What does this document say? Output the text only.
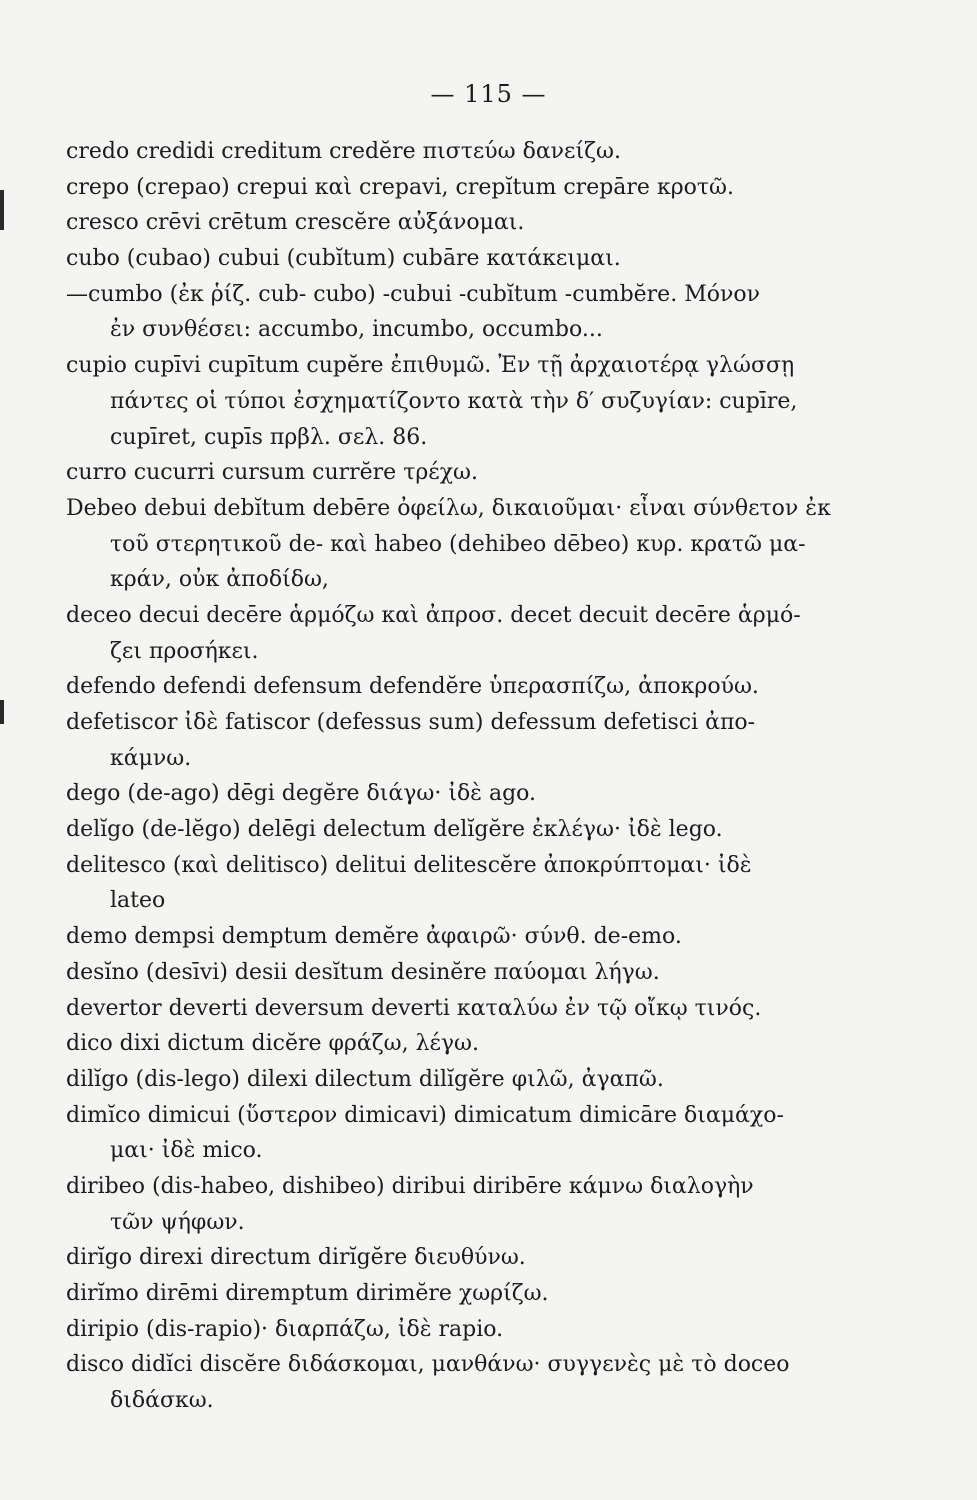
— 115 —
credo credidi creditum credĕre πιστεύω δανείζω.
crepo (crepao) crepui καὶ crepavi, crepĭtum crepāre κροτῶ.
cresco crēvi crētum crescĕre αὐξάνομαι.
cubo (cubao) cubui (cubĭtum) cubāre κατάκειμαι.
—cumbo (ἐκ ῥίζ. cub- cubo) -cubui -cubĭtum -cumbĕre. Μόνον
ἐν συνθέσει: accumbo, incumbo, occumbo...
cupio cupīvi cupītum cupĕre ἐπιθυμῶ. Ἐν τῇ ἀρχαιοτέρᾳ γλώσσῃ
πάντες οἱ τύποι ἐσχηματίζοντο κατὰ τὴν δ′ συζυγίαν: cupīre,
cupīret, cupīs πρβλ. σελ. 86.
curro cucurri cursum currĕre τρέχω.
Debeo debui debĭtum debēre ὀφείλω, δικαιοῦμαι· εἶναι σύνθετον ἐκ
τοῦ στερητικοῦ de- καὶ habeo (dehibeo dēbeo) κυρ. κρατῶ μα-
κράν, οὐκ ἀποδίδω,
deceo decui decēre ἁρμόζω καὶ ἀπροσ. decet decuit decēre ἁρμό-
ζει προσήκει.
defendo defendi defensum defendĕre ὑπερασπίζω, ἀποκρούω.
defetiscor ἰδὲ fatiscor (defessus sum) defessum defetisci ἀπο-
κάμνω.
dego (de-ago) dēgi degĕre διάγω· ἰδὲ ago.
delĭgo (de-lĕgo) delēgi delectum delĭgĕre ἐκλέγω· ἰδὲ lego.
delitesco (καὶ delitisco) delitui delitescĕre ἀποκρύπτομαι· ἰδὲ
lateo
demo dempsi demptum demĕre ἀφαιρῶ· σύνθ. de-emo.
desĭno (desīvi) desii desĭtum desinĕre παύομαι λήγω.
devertor deverti deversum deverti καταλύω ἐν τῷ οἴκῳ τινός.
dico dixi dictum dicĕre φράζω, λέγω.
dilĭgo (dis-lego) dilexi dilectum dilĭgĕre φιλῶ, ἀγαπῶ.
dimĭco dimicui (ὕστερον dimicavi) dimicatum dimicāre διαμάχο-
μαι· ἰδὲ mico.
diribeo (dis-habeo, dishibeo) diribui diribēre κάμνω διαλογὴν
τῶν ψήφων.
dirĭgo direxi directum dirĭgĕre διευθύνω.
dirĭmo dirēmi diremptum dirimĕre χωρίζω.
diripio (dis-rapio)· διαρπάζω, ἰδὲ rapio.
disco didĭci discĕre διδάσκομαι, μανθάνω· συγγενὲς μὲ τὸ doceo
διδάσκω.
